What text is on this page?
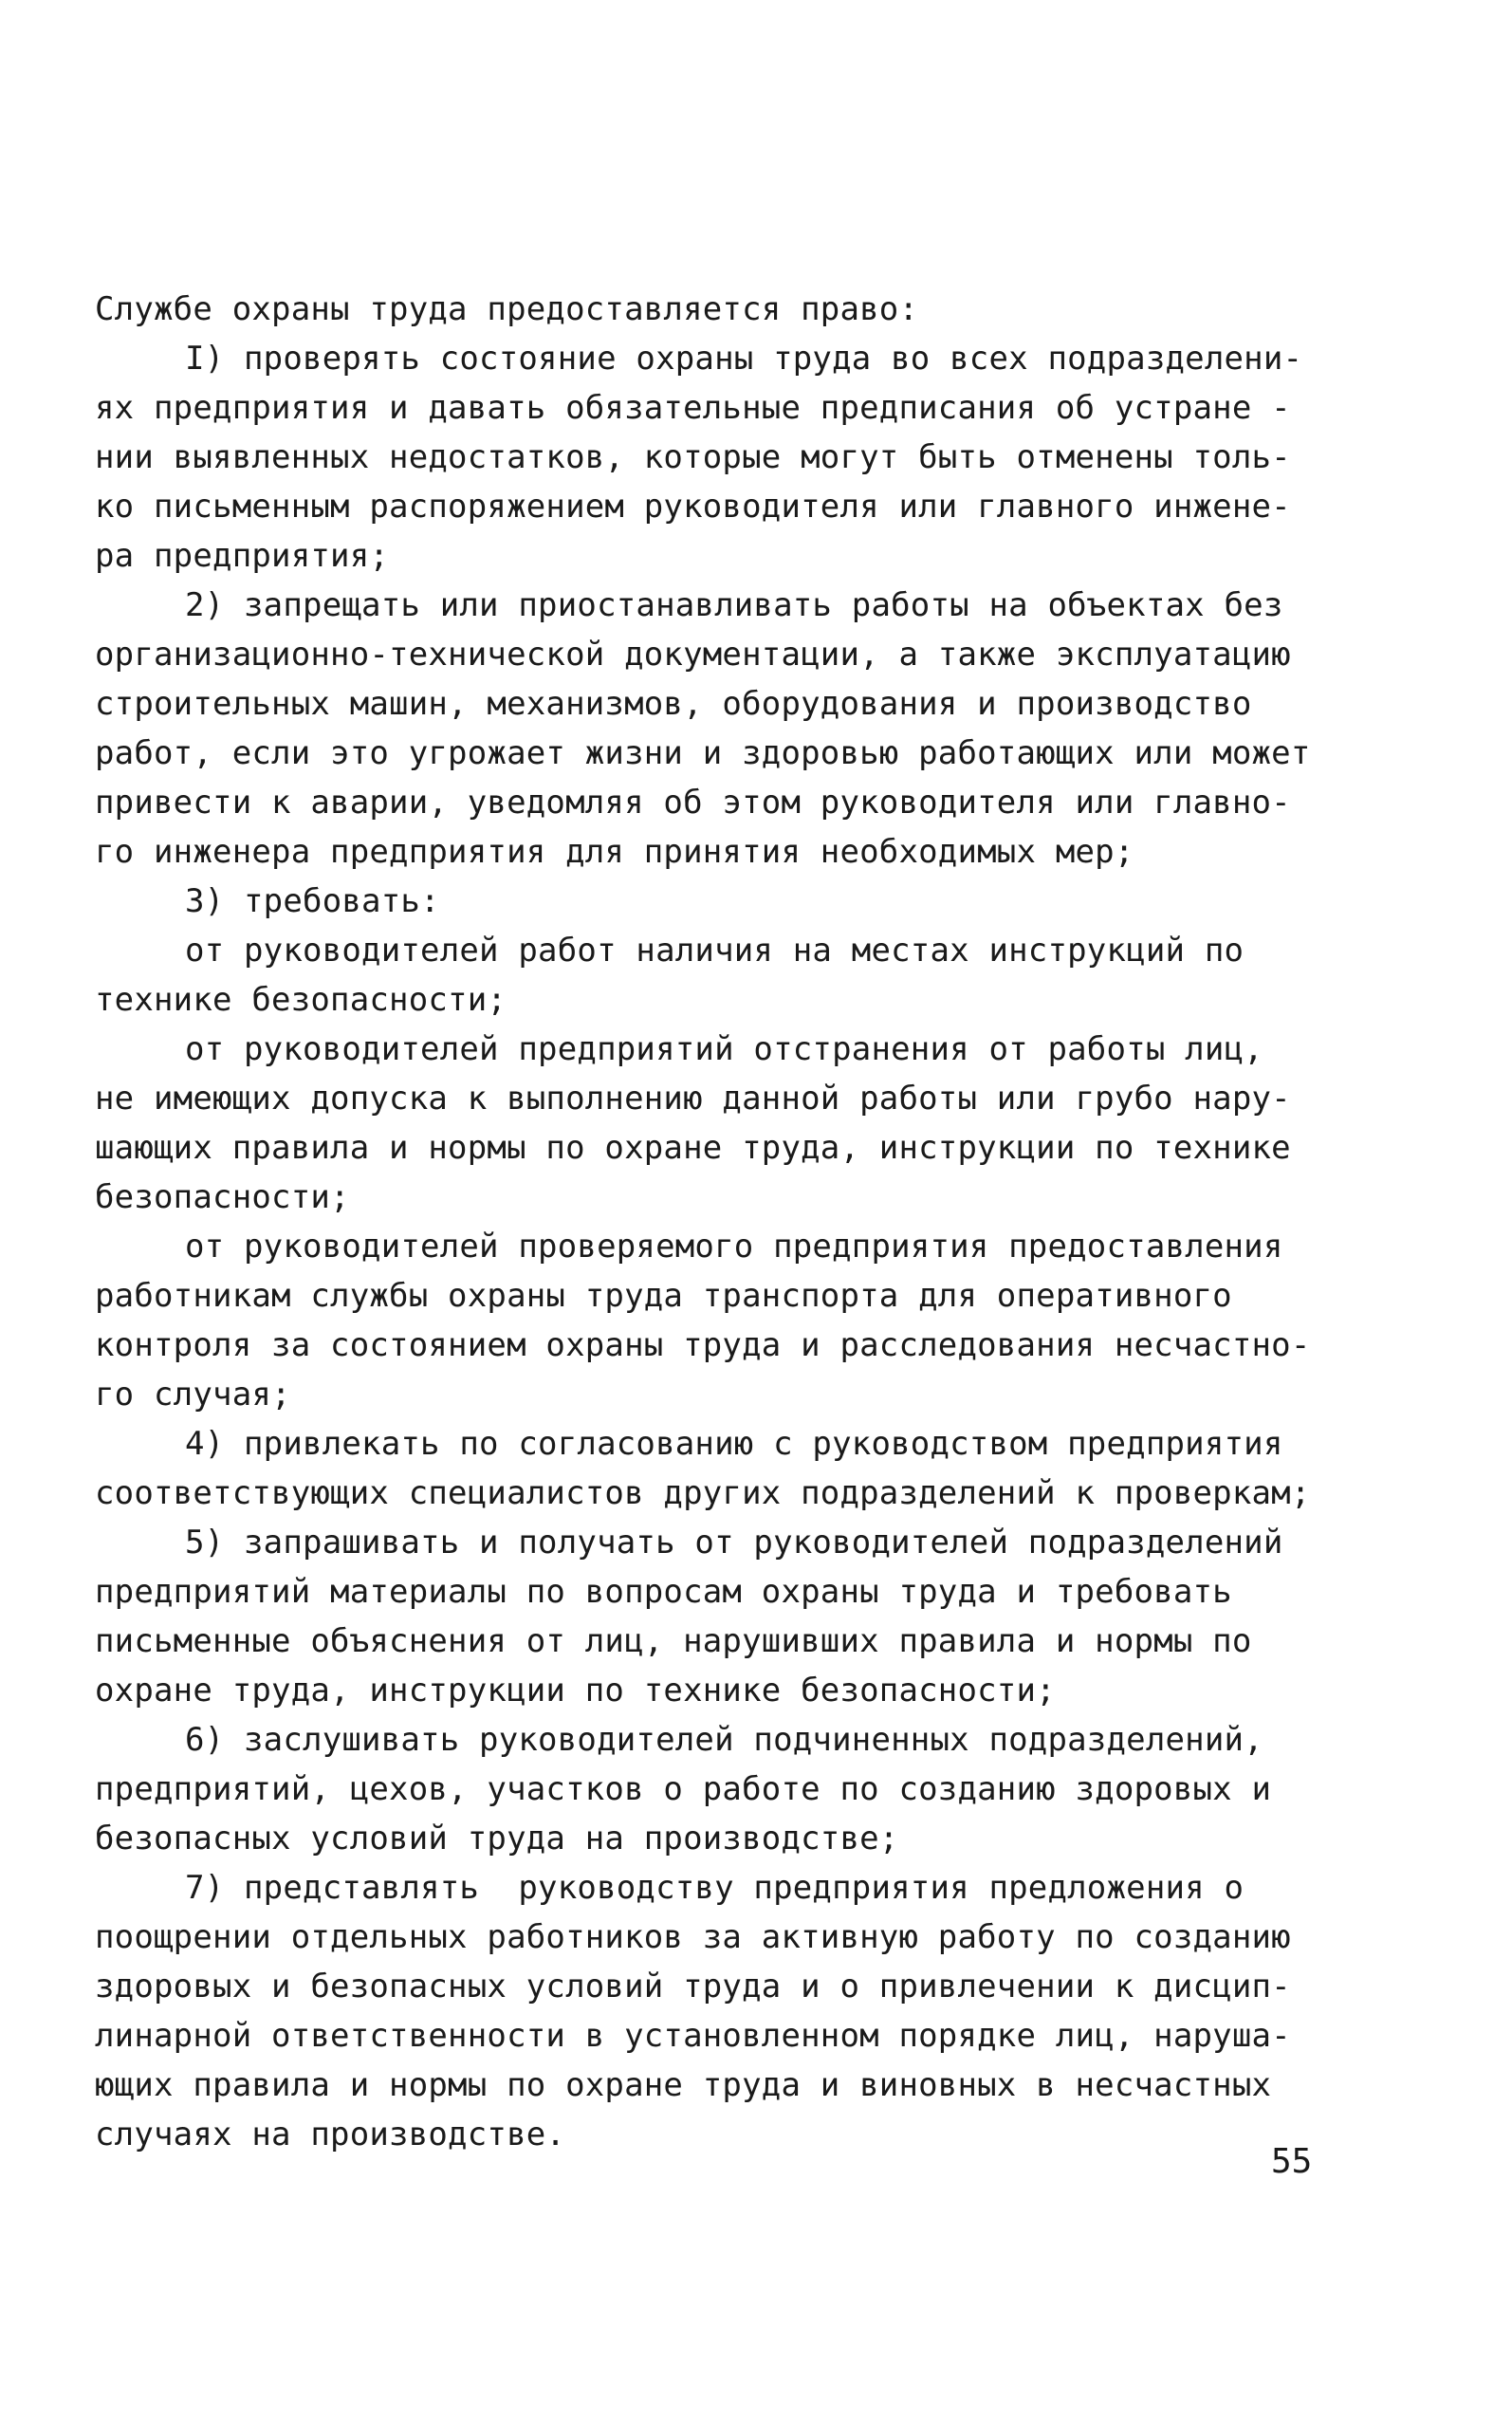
Службе охраны труда предоставляется право:
I) проверять состояние охраны труда во всех подразделени-
ях предприятия и давать обязательные предписания об устране -
нии выявленных недостатков, которые могут быть отменены толь-
ко письменным распоряжением руководителя или главного инжене-
ра предприятия;
2) запрещать или приостанавливать работы на объектах без
организационно-технической документации, а также эксплуатацию
строительных машин, механизмов, оборудования и производство
работ, если это угрожает жизни и здоровью работающих или может
привести к аварии, уведомляя об этом руководителя или главно-
го инженера предприятия для принятия необходимых мер;
3) требовать:
от руководителей работ наличия на местах инструкций по
технике безопасности;
от руководителей предприятий отстранения от работы лиц,
не имеющих допуска к выполнению данной работы или грубо нару-
шающих правила и нормы по охране труда, инструкции по технике
безопасности;
от руководителей проверяемого предприятия предоставления
работникам службы охраны труда транспорта для оперативного
контроля за состоянием охраны труда и расследования несчастно-
го случая;
4) привлекать по согласованию с руководством предприятия
соответствующих специалистов других подразделений к проверкам;
5) запрашивать и получать от руководителей подразделений
предприятий материалы по вопросам охраны труда и требовать
письменные объяснения от лиц, нарушивших правила и нормы по
охране труда, инструкции по технике безопасности;
6) заслушивать руководителей подчиненных подразделений,
предприятий, цехов, участков о работе по созданию здоровых и
безопасных условий труда на производстве;
7) представлять  руководству предприятия предложения о
поощрении отдельных работников за активную работу по созданию
здоровых и безопасных условий труда и о привлечении к дисцип-
линарной ответственности в установленном порядке лиц, наруша-
ющих правила и нормы по охране труда и виновных в несчастных
случаях на производстве.
55
